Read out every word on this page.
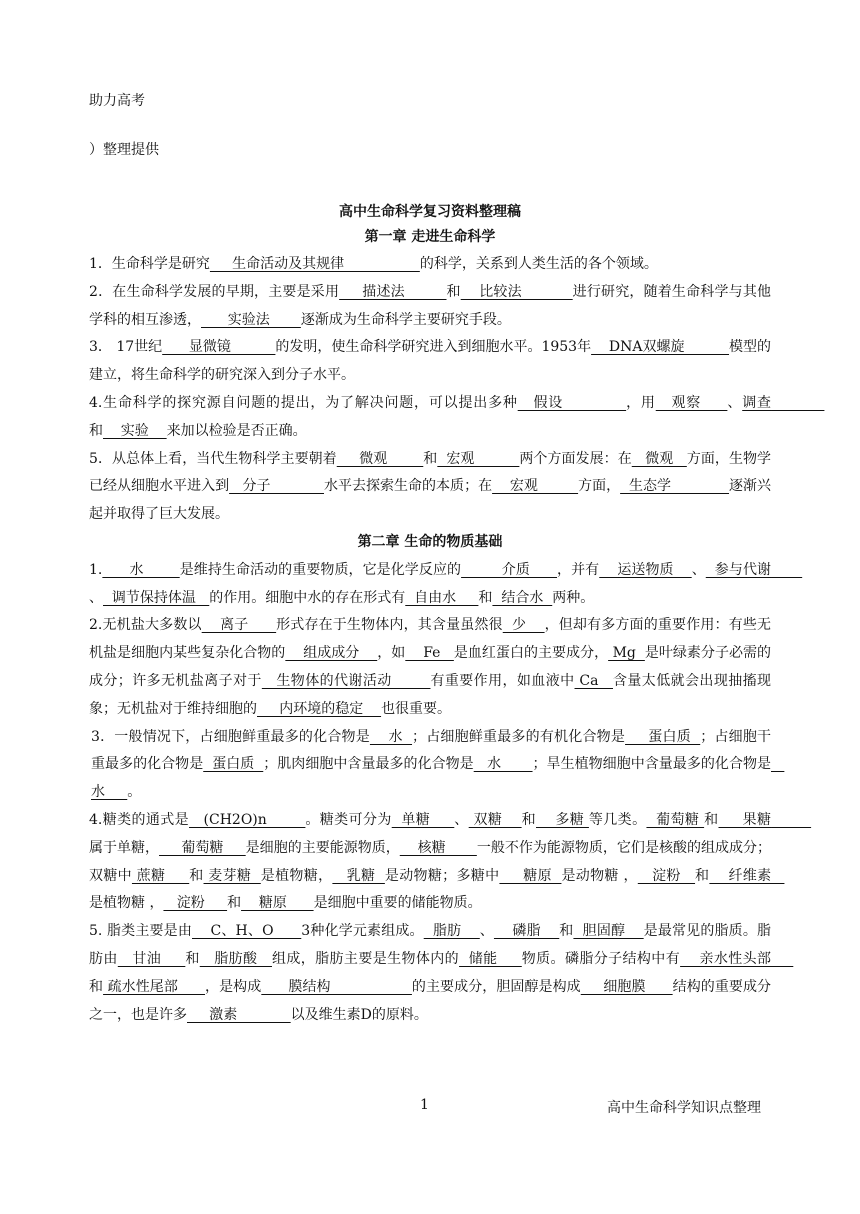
助力高考
）整理提供
高中生命科学复习资料整理稿
第一章 走进生命科学

1．生命科学是研究     生命活动及其规律                 的科学，关系到人类生活的各个领域。

2．在生命科学发展的早期，主要是采用     描述法         和    比较法           进行研究，随着生命科学与其他学科的相互渗透，      实验法       逐渐成为生命科学主要研究手段。

3． 17世纪      显微镜          的发明，使生命科学研究进入到细胞水平。1953年    DNA双螺旋          模型的建立，将生命科学的研究深入到分子水平。

4.生命科学的探究源自问题的提出，为了解决问题，可以提出多种   假设            ，用   观察     、调查            和    实验    来加以检验是否正确。

5．从总体上看，当代生物科学主要朝着     微观        和  宏观          两个方面发展：在   微观   方面，生物学已经从细胞水平进入到   分子            水平去探索生命的本质；在    宏观         方面，  生态学             逐渐兴起并取得了巨大发展。

第二章 生命的物质基础

1.      水        是维持生命活动的重要物质，它是化学反应的         介质      ，并有    运送物质    、  参与代谢       、  调节保持体温   的作用。细胞中水的存在形式有  自由水     和  结合水  两种。

2.无机盐大多数以    离子      形式存在于生物体内，其含量虽然很  少    ，但却有多方面的重要作用：有些无机盐是细胞内某些复杂化合物的    组成成分    ，如    Fe   是血红蛋白的主要成分， Mg  是叶绿素分子必需的成分；许多无机盐离子对于   生物体的代谢活动        有重要作用，如血液中 Ca   含量太低就会出现抽搐现象；无机盐对于维持细胞的     内环境的稳定    也很重要。

3．一般情况下，占细胞鲜重最多的化合物是    水  ；占细胞鲜重最多的有机化合物是     蛋白质  ；占细胞干重最多的化合物是  蛋白质  ；肌肉细胞中含量最多的化合物是   水       ；旱生植物细胞中含量最多的化合物是   水     。

4.糖类的通式是   (CH2O)n        。糖类可分为  单糖     、 双糖    和    多糖 等几类。  葡萄糖 和     果糖         属于单糖，     葡萄糖     是细胞的主要能源物质，    核糖       一般不作为能源物质，它们是核酸的组成成分；双糖中 蔗糖     和 麦芽糖  是植物糖，   乳糖  是动物糖；多糖中     糖原  是动物糖 ，   淀粉   和    纤维素   是植物糖 ，   淀粉     和    糖原      是细胞中重要的储能物质。

5. 脂类主要是由    C、H、O      3种化学元素组成。  脂肪    、    磷脂    和  胆固醇    是最常见的脂质。脂肪由   甘油     和   脂肪酸   组成，脂肪主要是生物体内的  储能     物质。磷脂分子结构中有    亲水性头部     和 疏水性尾部      ，是构成      膜结构                  的主要成分，胆固醇是构成     细胞膜      结构的重要成分之一，也是许多     激素            以及维生素D的原料。

1	高中生命科学知识点整理
